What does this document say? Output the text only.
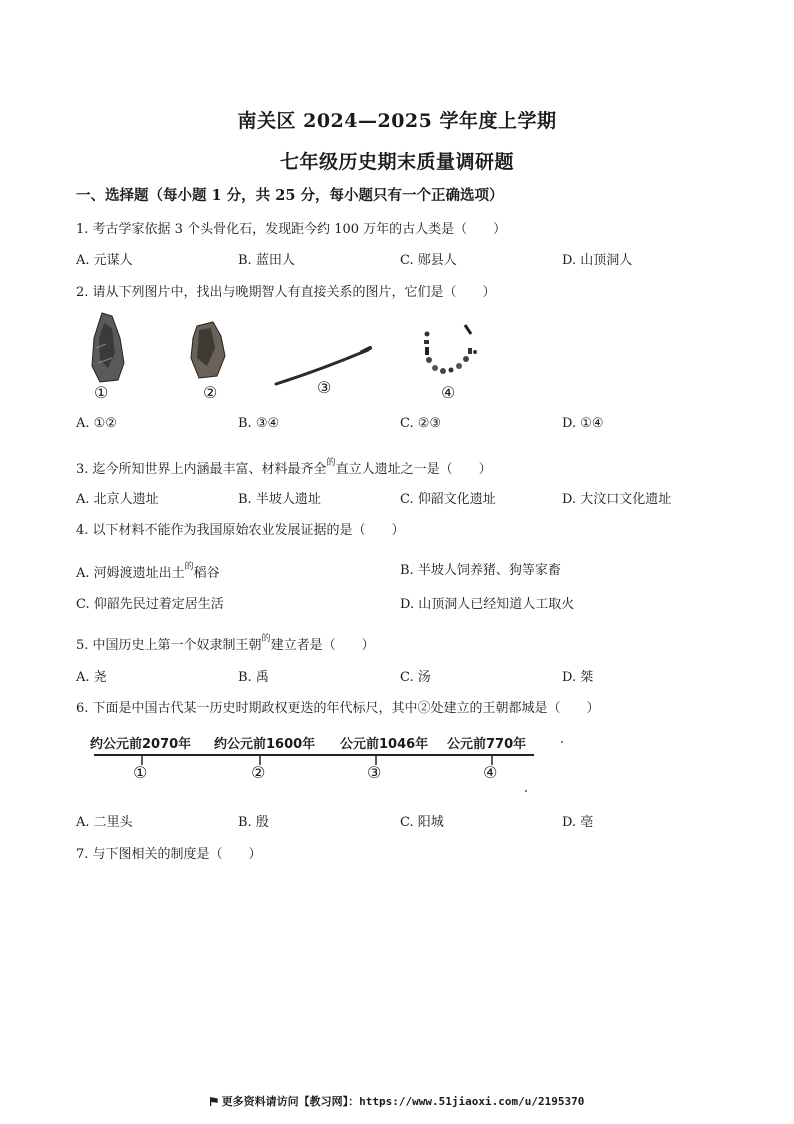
南关区 2024—2025 学年度上学期
七年级历史期末质量调研题
一、选择题（每小题 1 分，共 25 分，每小题只有一个正确选项）
1. 考古学家依据 3 个头骨化石，发现距今约 100 万年的古人类是（　　）
A. 元谋人	B. 蓝田人	C. 郧县人	D. 山顶洞人
2. 请从下列图片中，找出与晚期智人有直接关系的图片，它们是（　　）
①	②	③	④
A. ①②	B. ③④	C. ②③	D. ①④
3. 迄今所知世界上内涵最丰富、材料最齐全$^的$直立人遗址之一是（　　）
A. 北京人遗址	B. 半坡人遗址	C. 仰韶文化遗址	D. 大汶口文化遗址
4. 以下材料不能作为我国原始农业发展证据的是（　　）
A. 河姆渡遗址出土$^的$稻谷	B. 半坡人饲养猪、狗等家畜
C. 仰韶先民过着定居生活	D. 山顶洞人已经知道人工取火
5. 中国历史上第一个奴隶制王朝$^的$建立者是（　　）
A. 尧	B. 禹	C. 汤	D. 桀
6. 下面是中国古代某一历史时期政权更迭的年代标尺，其中②处建立的王朝都城是（　　）
约公元前2070年 约公元前1600年 公元前1046年 公元前770年
①	②	③	④
A. 二里头	B. 殷	C. 阳城	D. 亳
7. 与下图相关的制度是（　　）
更多资料请访问【教习网】：https://www.51jiaoxi.com/u/2195370
